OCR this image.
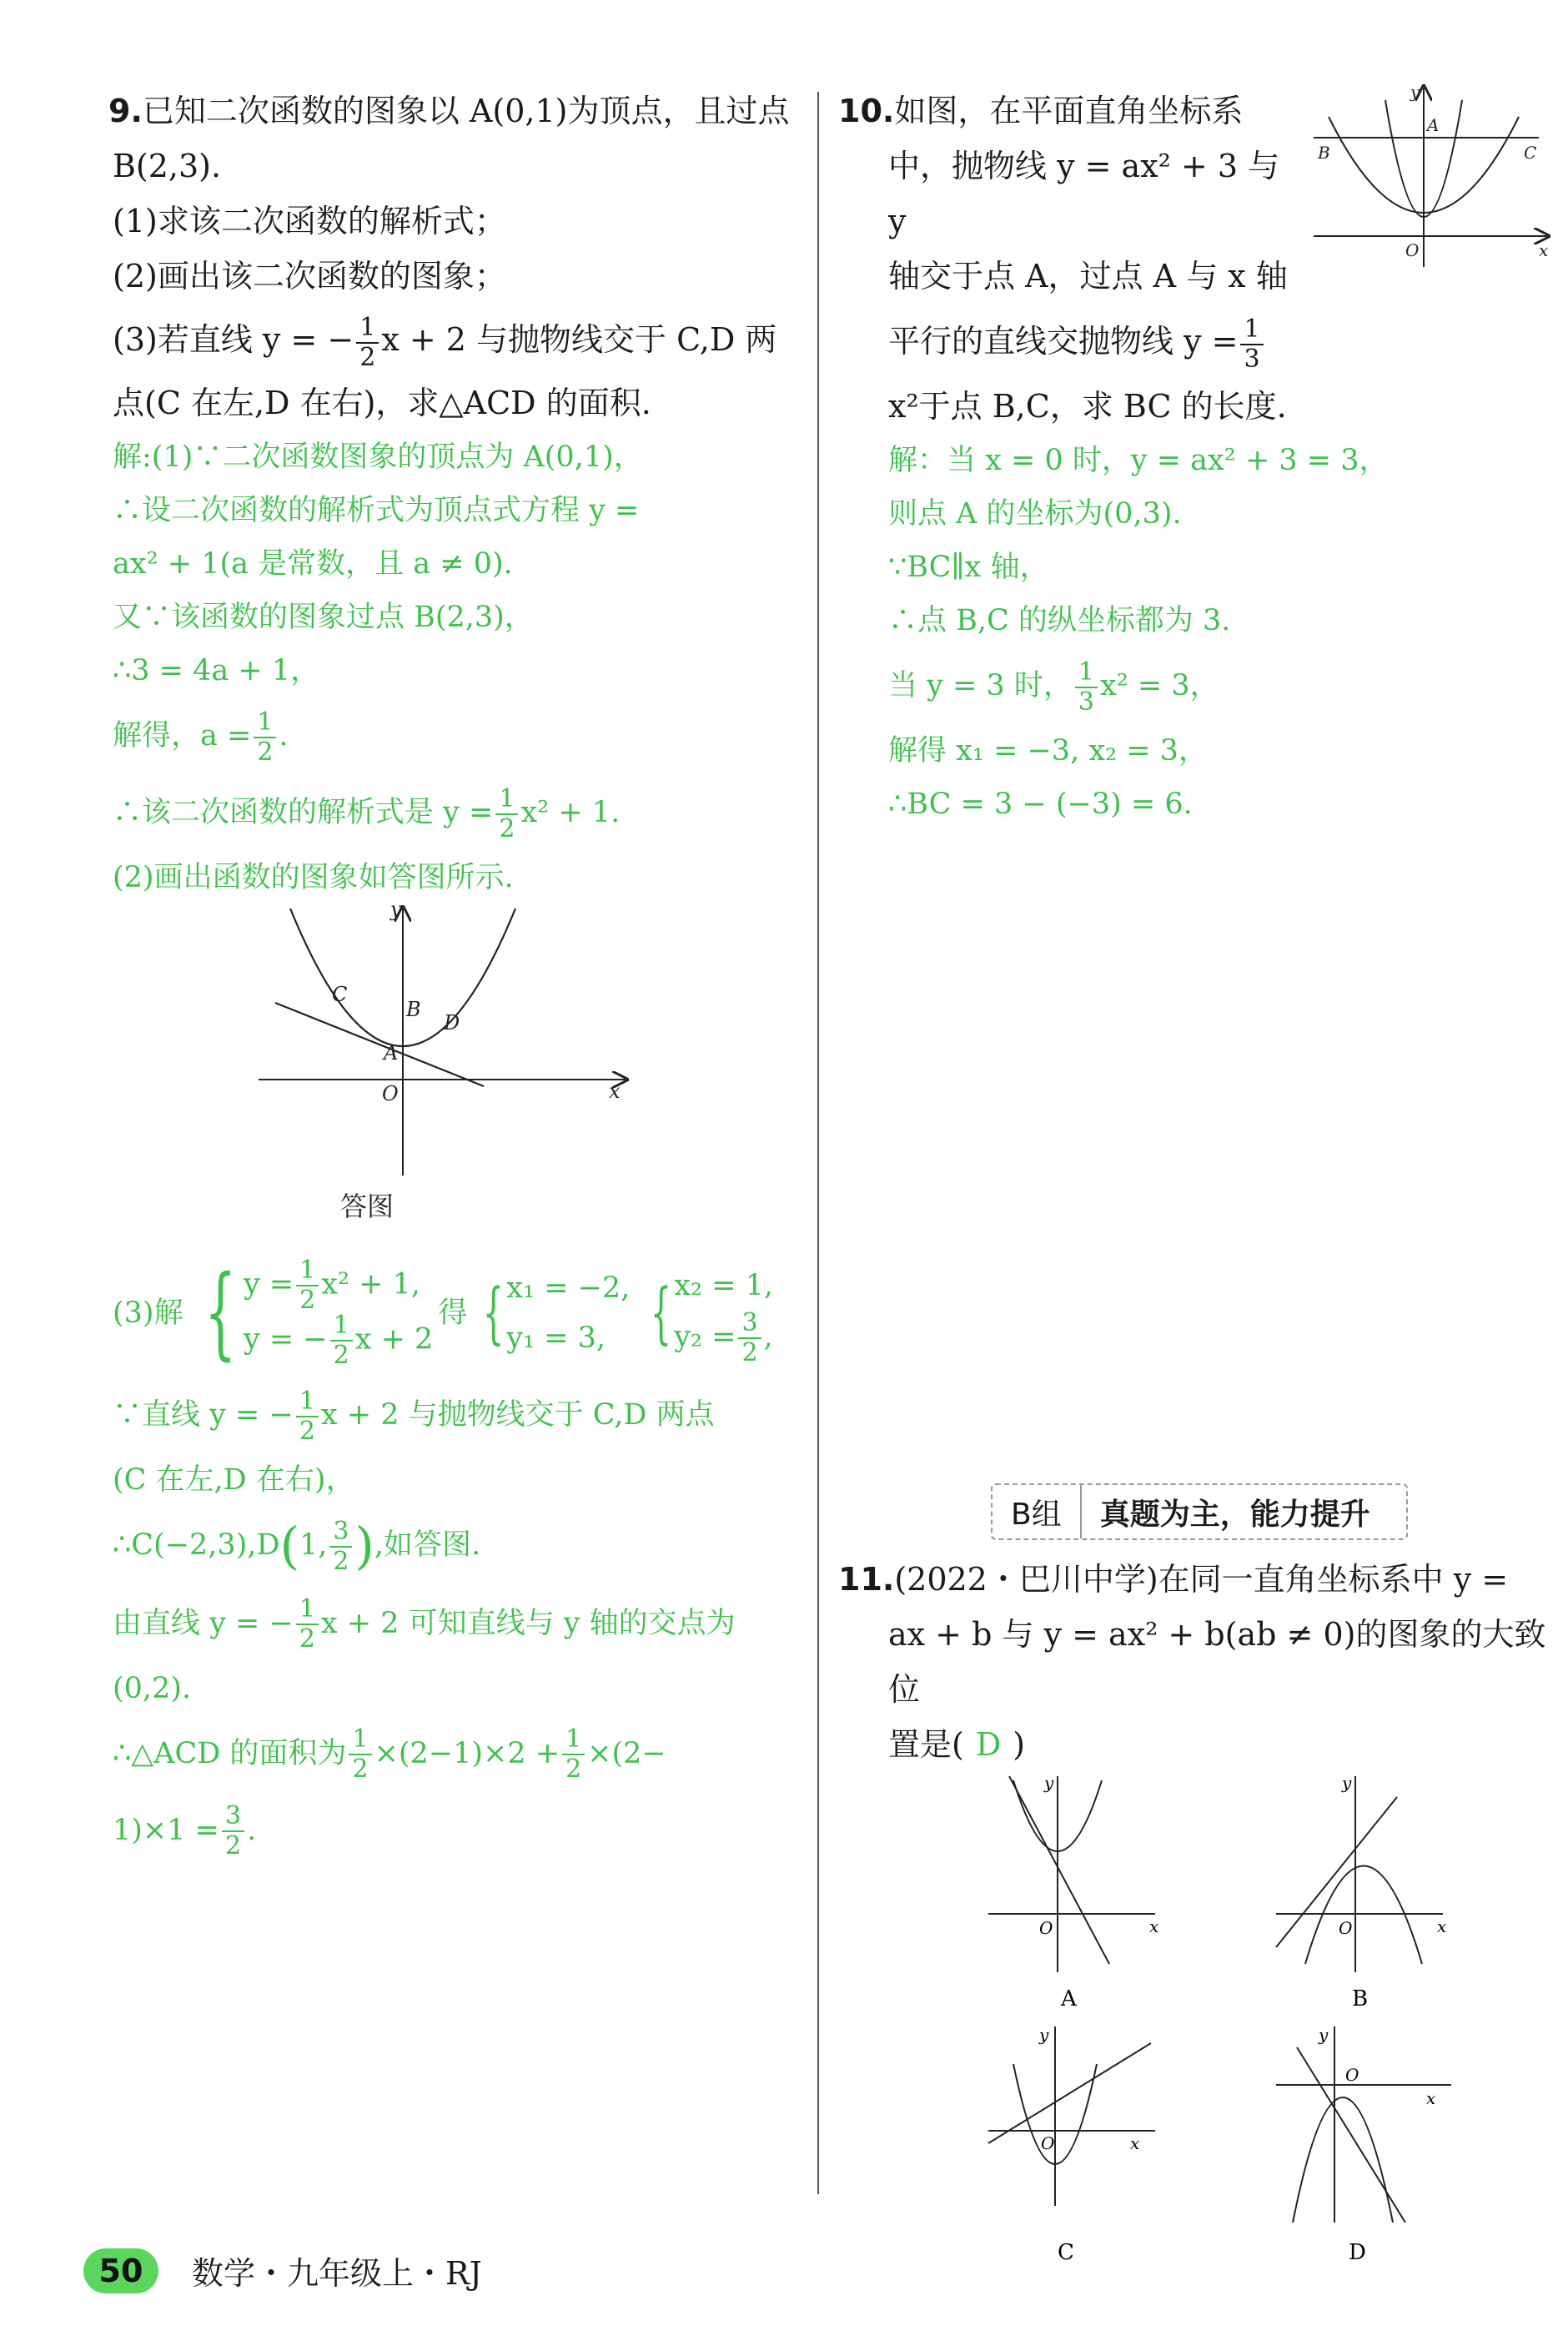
9.已知二次函数的图象以 A(0,1)为顶点，且过点
B(2,3).
(1)求该二次函数的解析式；
(2)画出该二次函数的图象；
(3)若直线 y = − $\frac{1}{2}$ x + 2 与抛物线交于 C,D 两
点(C 在左,D 在右)，求△ACD 的面积.
解:(1)∵二次函数图象的顶点为 A(0,1)，
∴设二次函数的解析式为顶点式方程 y =
ax² + 1(a 是常数，且 a ≠ 0).
又∵该函数的图象过点 B(2,3)，
∴3 = 4a + 1，
解得，$a = \frac{1}{2}$ .
∴该二次函数的解析式是 $y = \frac{1}{2} x^2 + 1$.
(2)画出函数的图象如答图所示.
y
x
O
A
B
C
D
答图
(3)解 { $y = \frac{1}{2} x^2 + 1$,
y = − $\frac{1}{2}$ x + 2
得 { x₁ = −2,
y₁ = 3, { x₂ = 1,
$y_2 = \frac{3}{2}$ ,
∵直线 y = − $\frac{1}{2}$ x + 2 与抛物线交于 C,D 两点
(C 在左,D 在右)，
∴C(−2,3),D(1, $\frac{3}{2}$ ),如答图.
由直线 y = − $\frac{1}{2}$ x + 2 可知直线与 y 轴的交点为
(0,2).
∴△ACD 的面积为 $\frac{1}{2} \times(2-1)\times 2 + \frac{1}{2} \times(2-$
$1)\times 1 = \frac{3}{2}$ .
10.如图，在平面直角坐标系
中，抛物线 y = ax² + 3 与 y
轴交于点 A，过点 A 与 x 轴
平行的直线交抛物线 $y = \frac{1}{3}$
x²于点 B,C，求 BC 的长度.
y
x
O
A
B	C
解：当 x = 0 时，y = ax² + 3 = 3，
则点 A 的坐标为(0,3).
∵BC∥x 轴，
∴点 B,C 的纵坐标都为 3.
当 y = 3 时， $\frac{1}{3} x^2 = 3$，
解得 x₁ = −3, x₂ = 3，
∴BC = 3 − (−3) = 6.
B组	真题为主，能力提升
11.(2022・巴川中学)在同一直角坐标系中 y =
ax + b 与 y = ax² + b(ab ≠ 0)的图象的大致位
置是( D )
y
x
O
A
y
x
O
B
y
x
O
C
y
x
O
D
50	数学・九年级上・RJ
